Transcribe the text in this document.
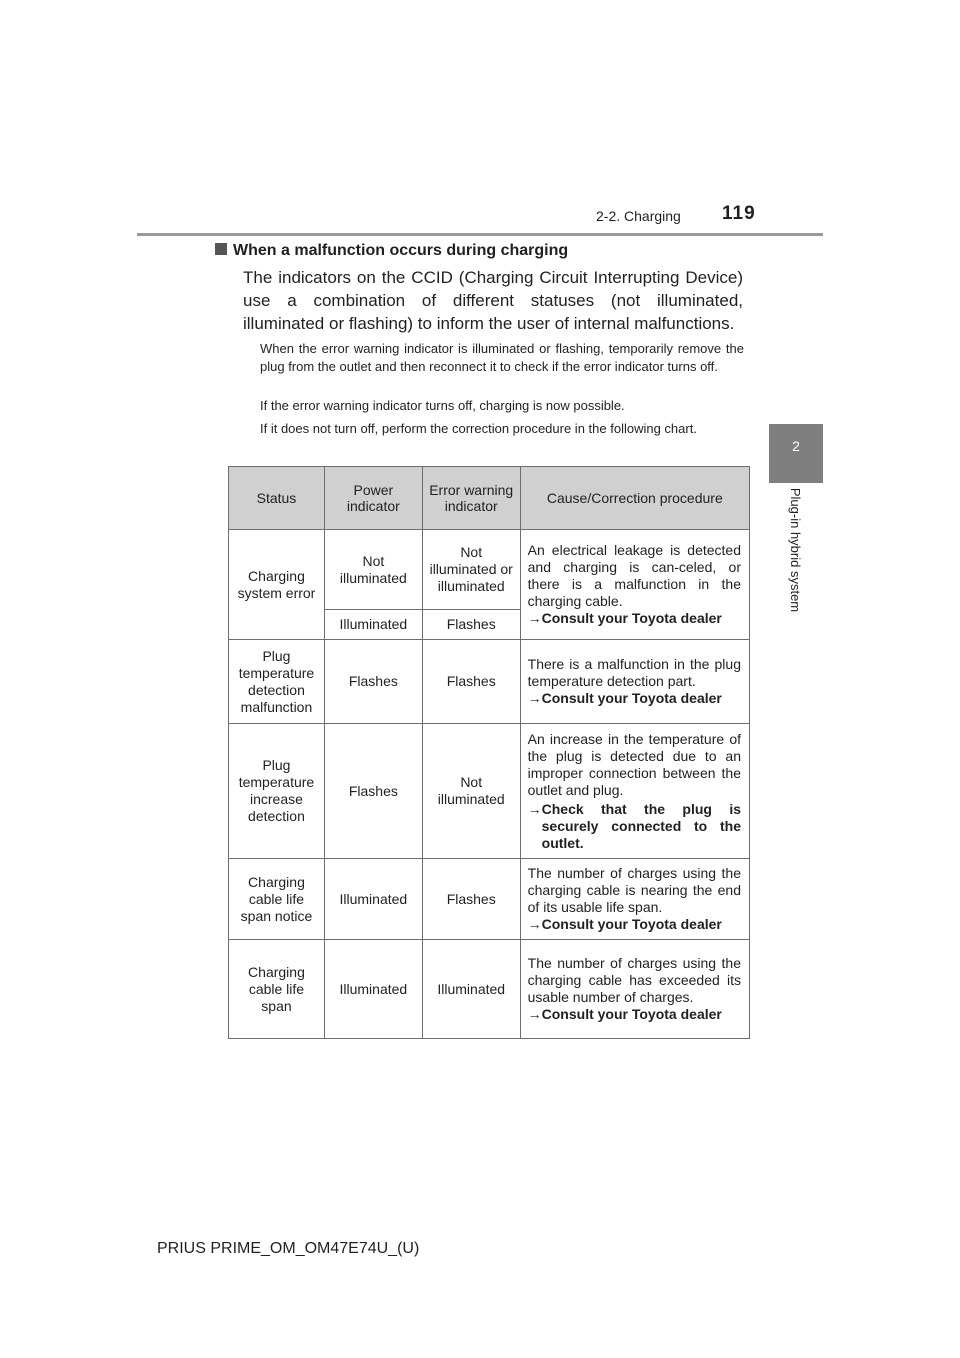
2-2. Charging 119
2
Plug-in hybrid system
When a malfunction occurs during charging
The indicators on the CCID (Charging Circuit Interrupting Device) use a combination of different statuses (not illuminated, illuminated or flashing) to inform the user of internal malfunctions.
When the error warning indicator is illuminated or flashing, temporarily remove the plug from the outlet and then reconnect it to check if the error indicator turns off.
If the error warning indicator turns off, charging is now possible.
If it does not turn off, perform the correction procedure in the following chart.
Status	Power indicator	Error warning indicator	Cause/Correction procedure
Charging system error	Not illuminated	Not illuminated or illuminated	An electrical leakage is detected and charging is can-celed, or there is a malfunction in the charging cable.
→Consult your Toyota dealer
	Illuminated	Flashes	
Plug temperature detection malfunction	Flashes	Flashes	There is a malfunction in the plug temperature detection part.
→Consult your Toyota dealer
Plug temperature increase detection	Flashes	Not illuminated	An increase in the temperature of the plug is detected due to an improper connection between the outlet and plug.
→ Check that the plug is securely connected to the outlet.

Charging cable life span notice	Illuminated	Flashes	The number of charges using the charging cable is nearing the end of its usable life span.
→Consult your Toyota dealer
Charging cable life span	Illuminated	Illuminated	The number of charges using the charging cable has exceeded its usable number of charges.
→Consult your Toyota dealer
PRIUS PRIME_OM_OM47E74U_(U)
